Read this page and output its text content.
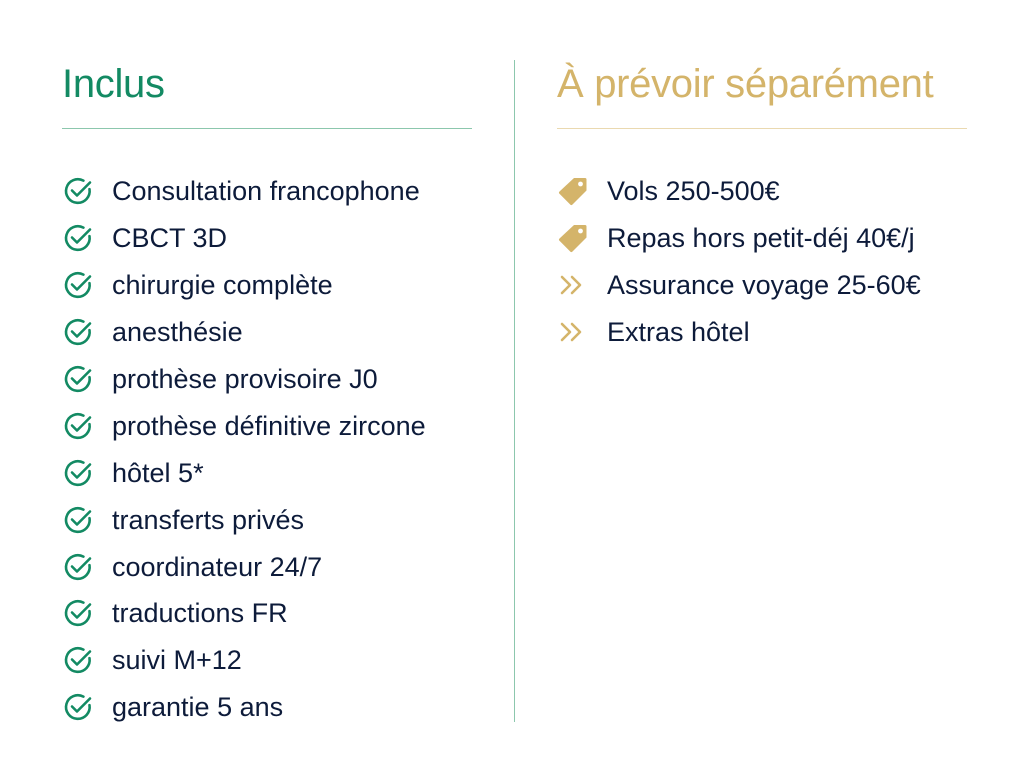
Inclus
Consultation francophone
CBCT 3D
chirurgie complète
anesthésie
prothèse provisoire J0
prothèse définitive zircone
hôtel 5*
transferts privés
coordinateur 24/7
traductions FR
suivi M+12
garantie 5 ans
À prévoir séparément
Vols 250-500€
Repas hors petit-déj 40€/j
Assurance voyage 25-60€
Extras hôtel
